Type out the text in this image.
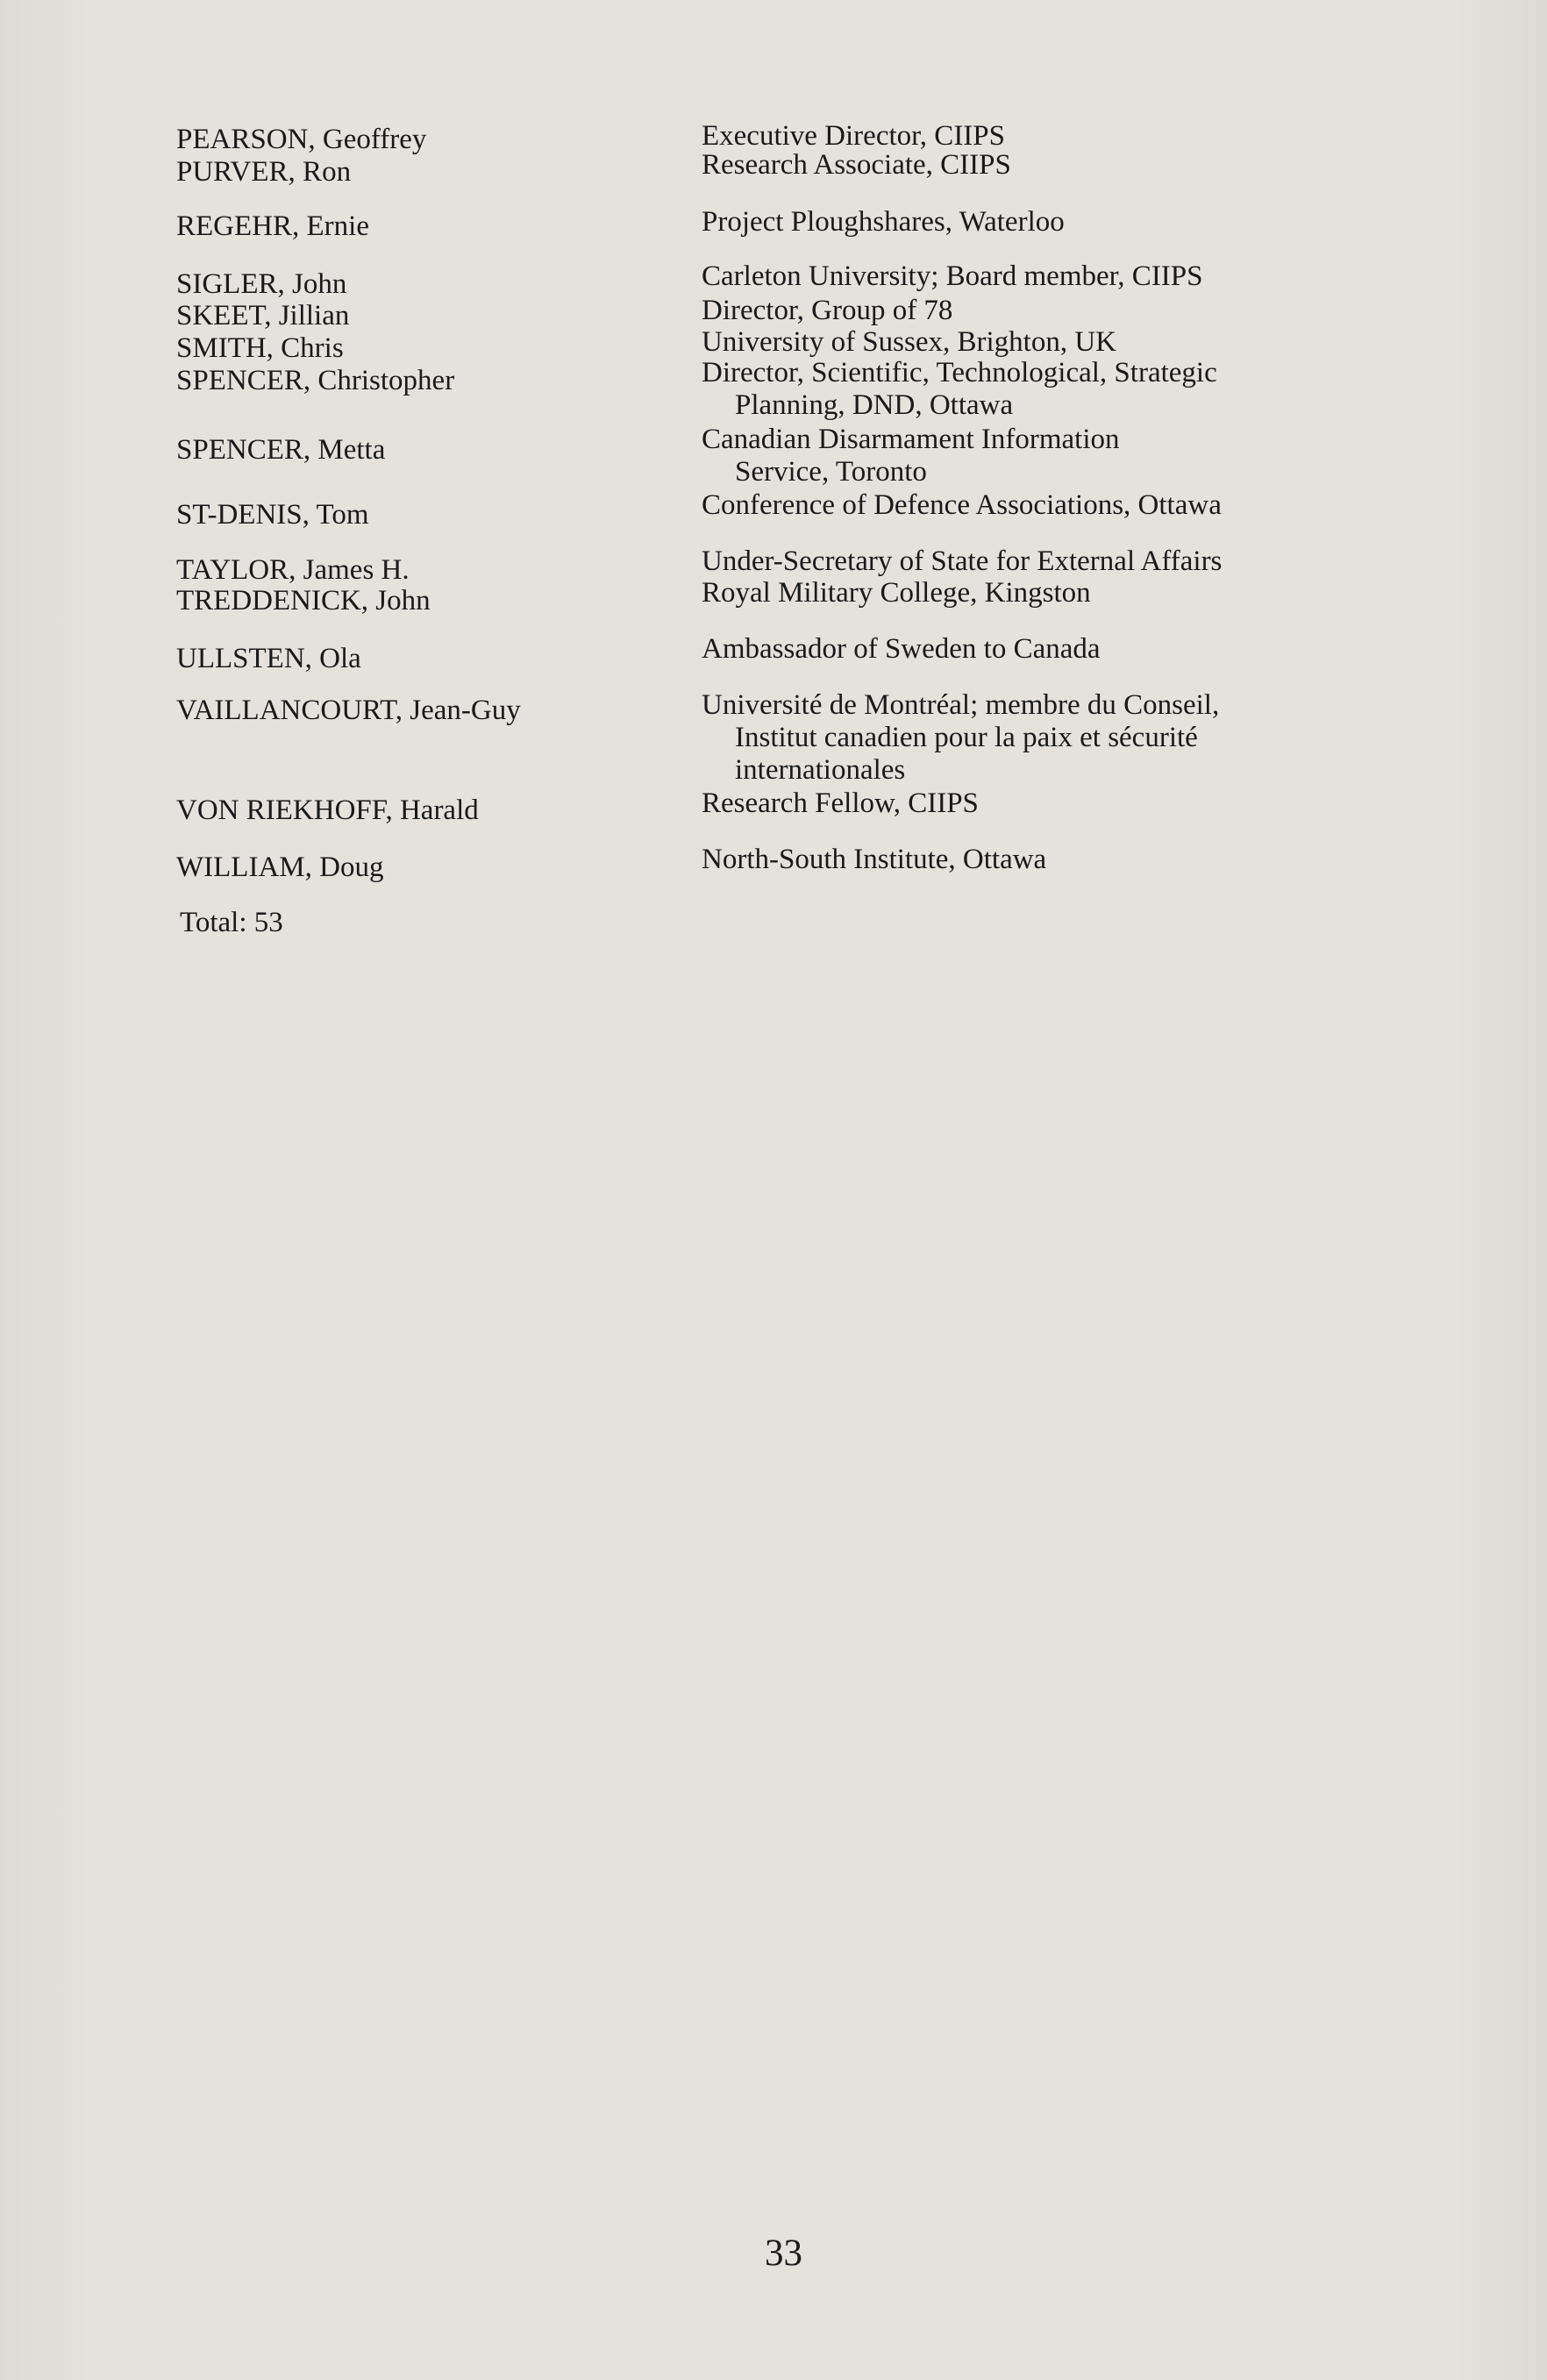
PEARSON, Geoffrey	Executive Director, CIIPS
PURVER, Ron	Research Associate, CIIPS
REGEHR, Ernie	Project Ploughshares, Waterloo
SIGLER, John	Carleton University; Board member, CIIPS
SKEET, Jillian	Director, Group of 78
SMITH, Chris	University of Sussex, Brighton, UK
SPENCER, Christopher	Director, Scientific, Technological, Strategic
Planning, DND, Ottawa
SPENCER, Metta	Canadian Disarmament Information
Service, Toronto
ST-DENIS, Tom	Conference of Defence Associations, Ottawa
TAYLOR, James H.	Under-Secretary of State for External Affairs
TREDDENICK, John	Royal Military College, Kingston
ULLSTEN, Ola	Ambassador of Sweden to Canada
VAILLANCOURT, Jean-Guy	Université de Montréal; membre du Conseil,
Institut canadien pour la paix et sécurité
internationales
VON RIEKHOFF, Harald	Research Fellow, CIIPS
WILLIAM, Doug	North-South Institute, Ottawa
Total: 53
33
